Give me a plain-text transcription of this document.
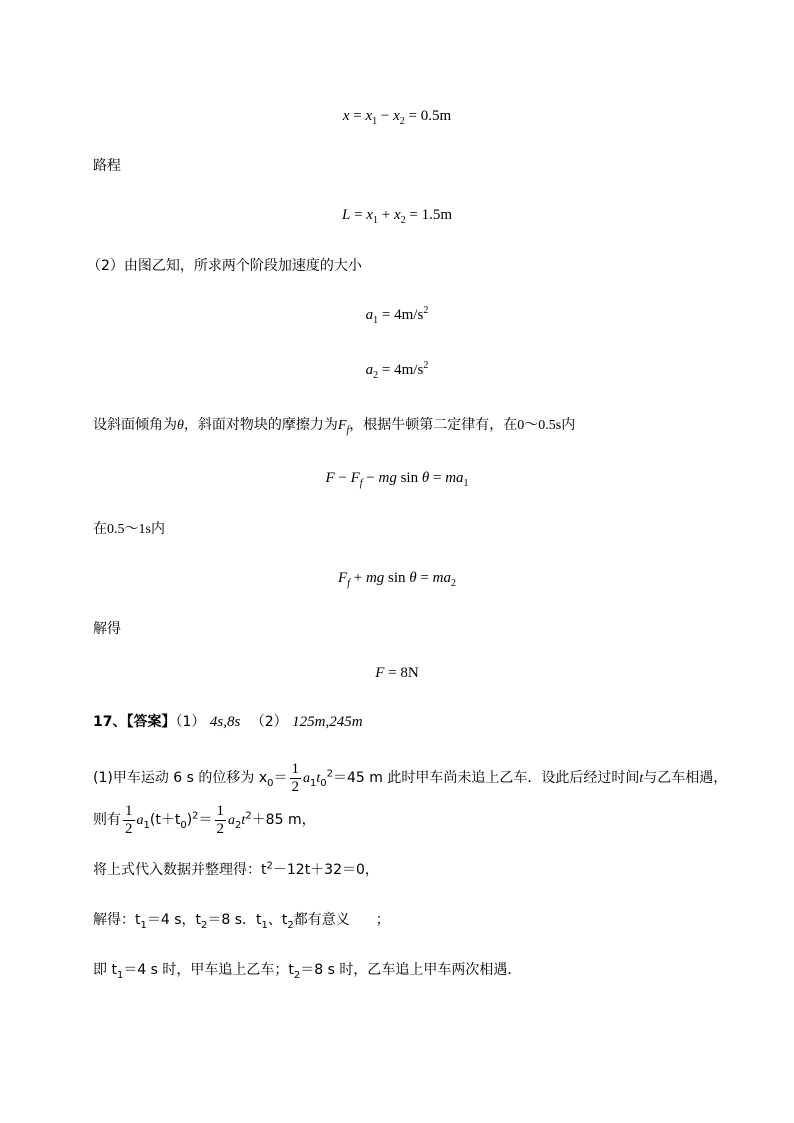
$x = x_1 - x_2 = 0.5m$
路程
$L = x_1 + x_2 = 1.5m$
（2）由图乙知，所求两个阶段加速度的大小
$a_1 = 4m/s^2$
$a_2 = 4m/s^2$
设斜面倾角为θ，斜面对物块的摩擦力为$F_f$，根据牛顿第二定律有，在0～0.5s内
$F - F_f$ − mg $\sin \theta = ma_1$
在0.5～1s内
$F_f$ + mg $\sin \theta = ma_2$
解得
F = 8N
17、【答案】（1） 4s,8s （2） 125m,245m
(1)甲车运动 6 s 的位移为 $x_0= \frac{1}{2} a_1t_0^2=45$ m 此时甲车尚未追上乙车．设此后经过时间t与乙车相遇，
则有 $\frac{1}{2} a_1(t+t_0)^2= \frac{1}{2} a_2t^2+85$ m，
将上式代入数据并整理得：$t^2-12t+32=0$，
解得：$t_1=4$ s，$t_2=8$ s．$t_1$、$t_2$都有意义 ；
即 $t_1=4$ s 时，甲车追上乙车；$t_2=8$ s 时，乙车追上甲车两次相遇．
